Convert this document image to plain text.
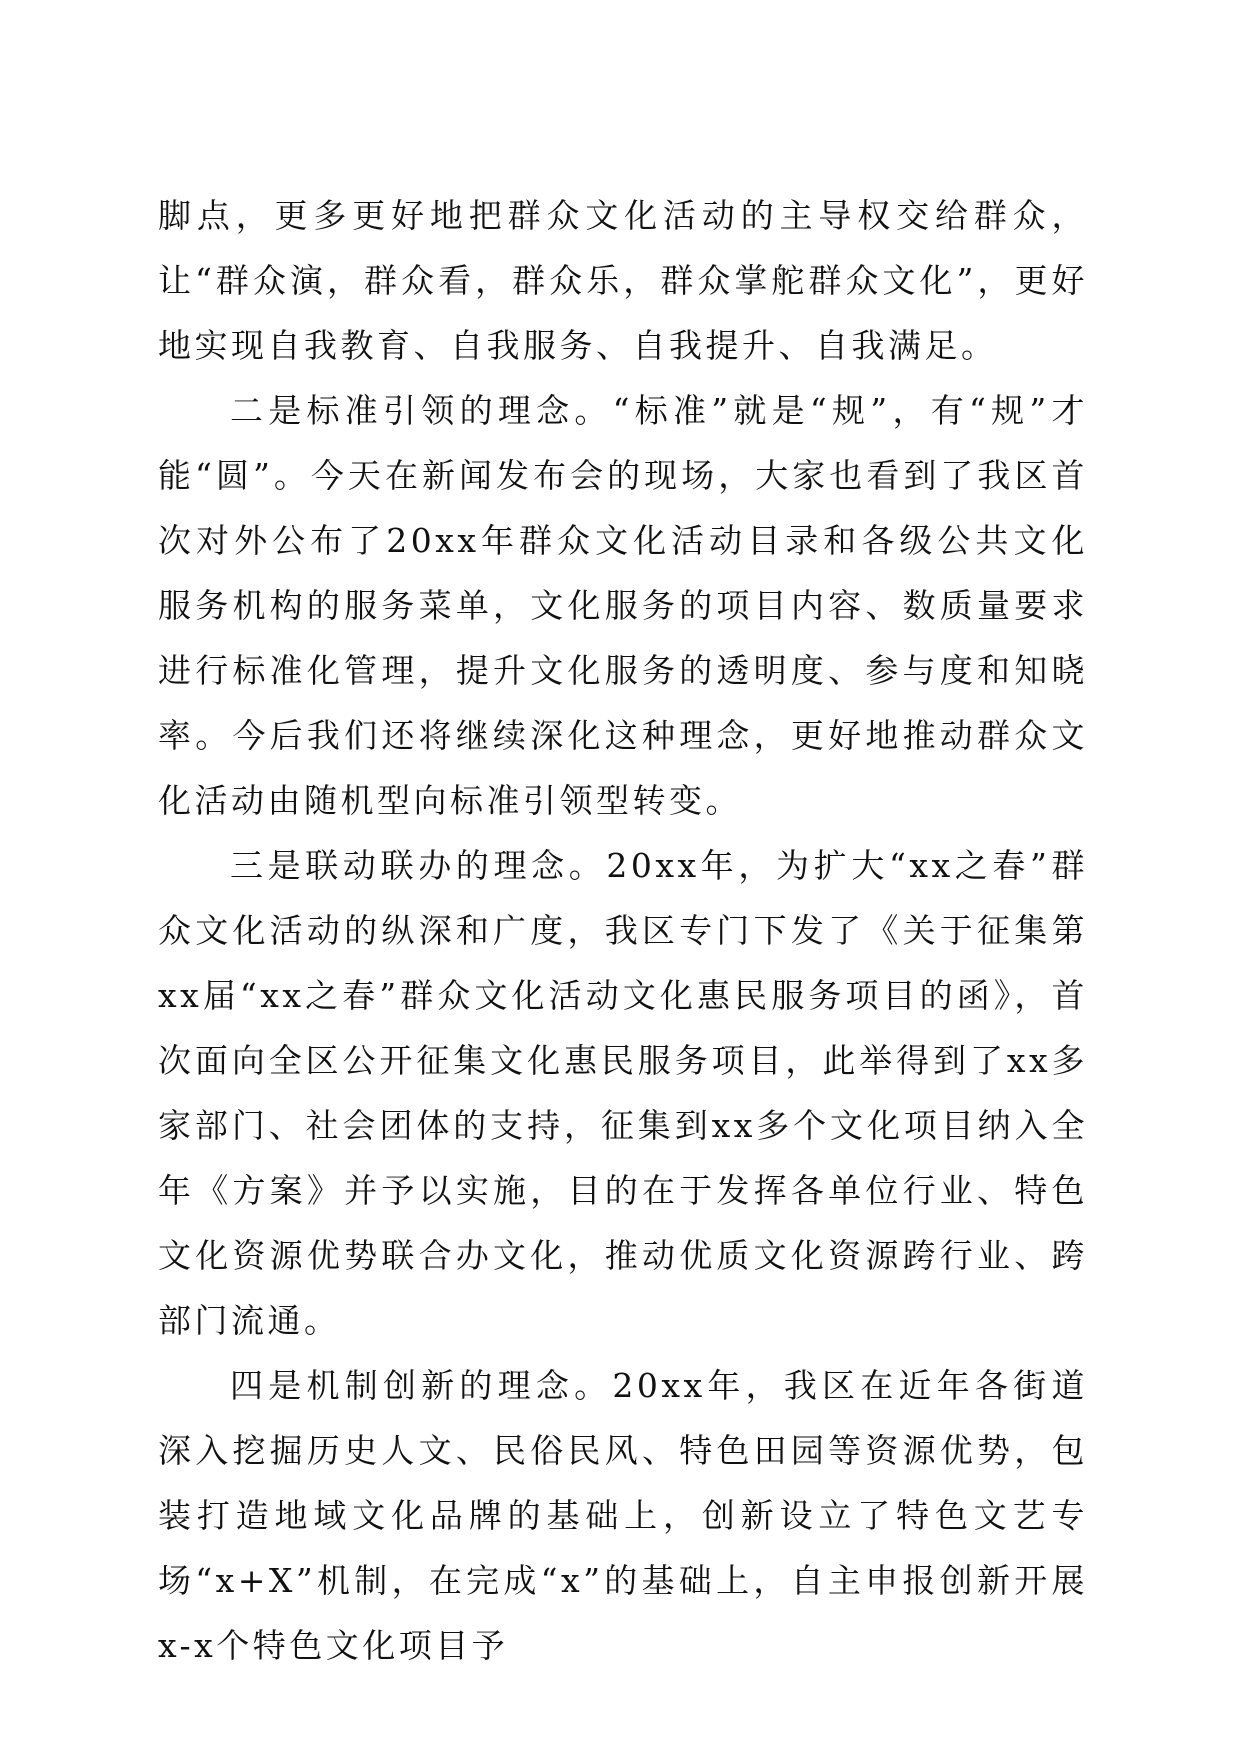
脚点，更多更好地把群众文化活动的主导权交给群众，让“群众演，群众看，群众乐，群众掌舵群众文化”，更好地实现自我教育、自我服务、自我提升、自我满足。

二是标准引领的理念。“标准”就是“规”，有“规”才能“圆”。今天在新闻发布会的现场，大家也看到了我区首次对外公布了20xx年群众文化活动目录和各级公共文化服务机构的服务菜单，文化服务的项目内容、数质量要求进行标准化管理，提升文化服务的透明度、参与度和知晓率。今后我们还将继续深化这种理念，更好地推动群众文化活动由随机型向标准引领型转变。

三是联动联办的理念。20xx年，为扩大“xx之春”群众文化活动的纵深和广度，我区专门下发了《关于征集第xx届“xx之春”群众文化活动文化惠民服务项目的函》，首次面向全区公开征集文化惠民服务项目，此举得到了xx多家部门、社会团体的支持，征集到xx多个文化项目纳入全年《方案》并予以实施，目的在于发挥各单位行业、特色文化资源优势联合办文化，推动优质文化资源跨行业、跨部门流通。

四是机制创新的理念。20xx年，我区在近年各街道深入挖掘历史人文、民俗民风、特色田园等资源优势，包装打造地域文化品牌的基础上，创新设立了特色文艺专场“x+X”机制，在完成“x”的基础上，自主申报创新开展x-x个特色文化项目予
